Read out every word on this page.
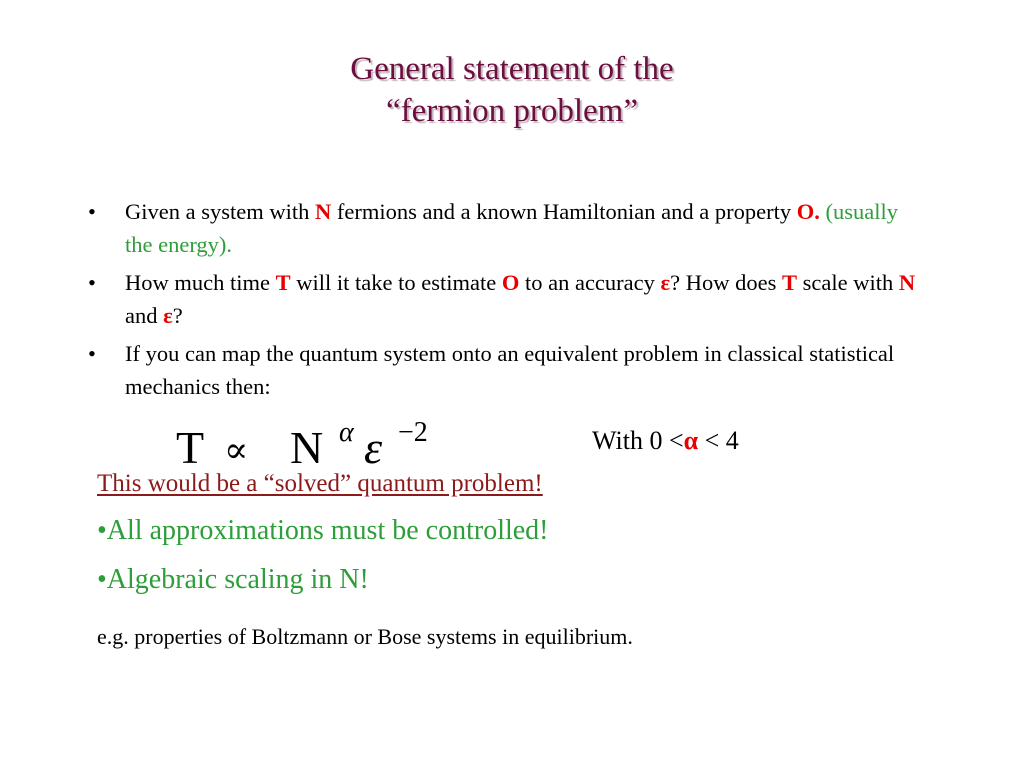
General statement of the
“fermion problem”
• Given a system with N fermions and a known Hamiltonian and a property O. (usually the energy).
• How much time T will it take to estimate O to an accuracy ε? How does T scale with N and ε?
• If you can map the quantum system onto an equivalent problem in classical statistical mechanics then:
T ∝ N α ε −2	With 0 <α < 4
This would be a “solved” quantum problem!
•All approximations must be controlled!
•Algebraic scaling in N!
e.g. properties of Boltzmann or Bose systems in equilibrium.
